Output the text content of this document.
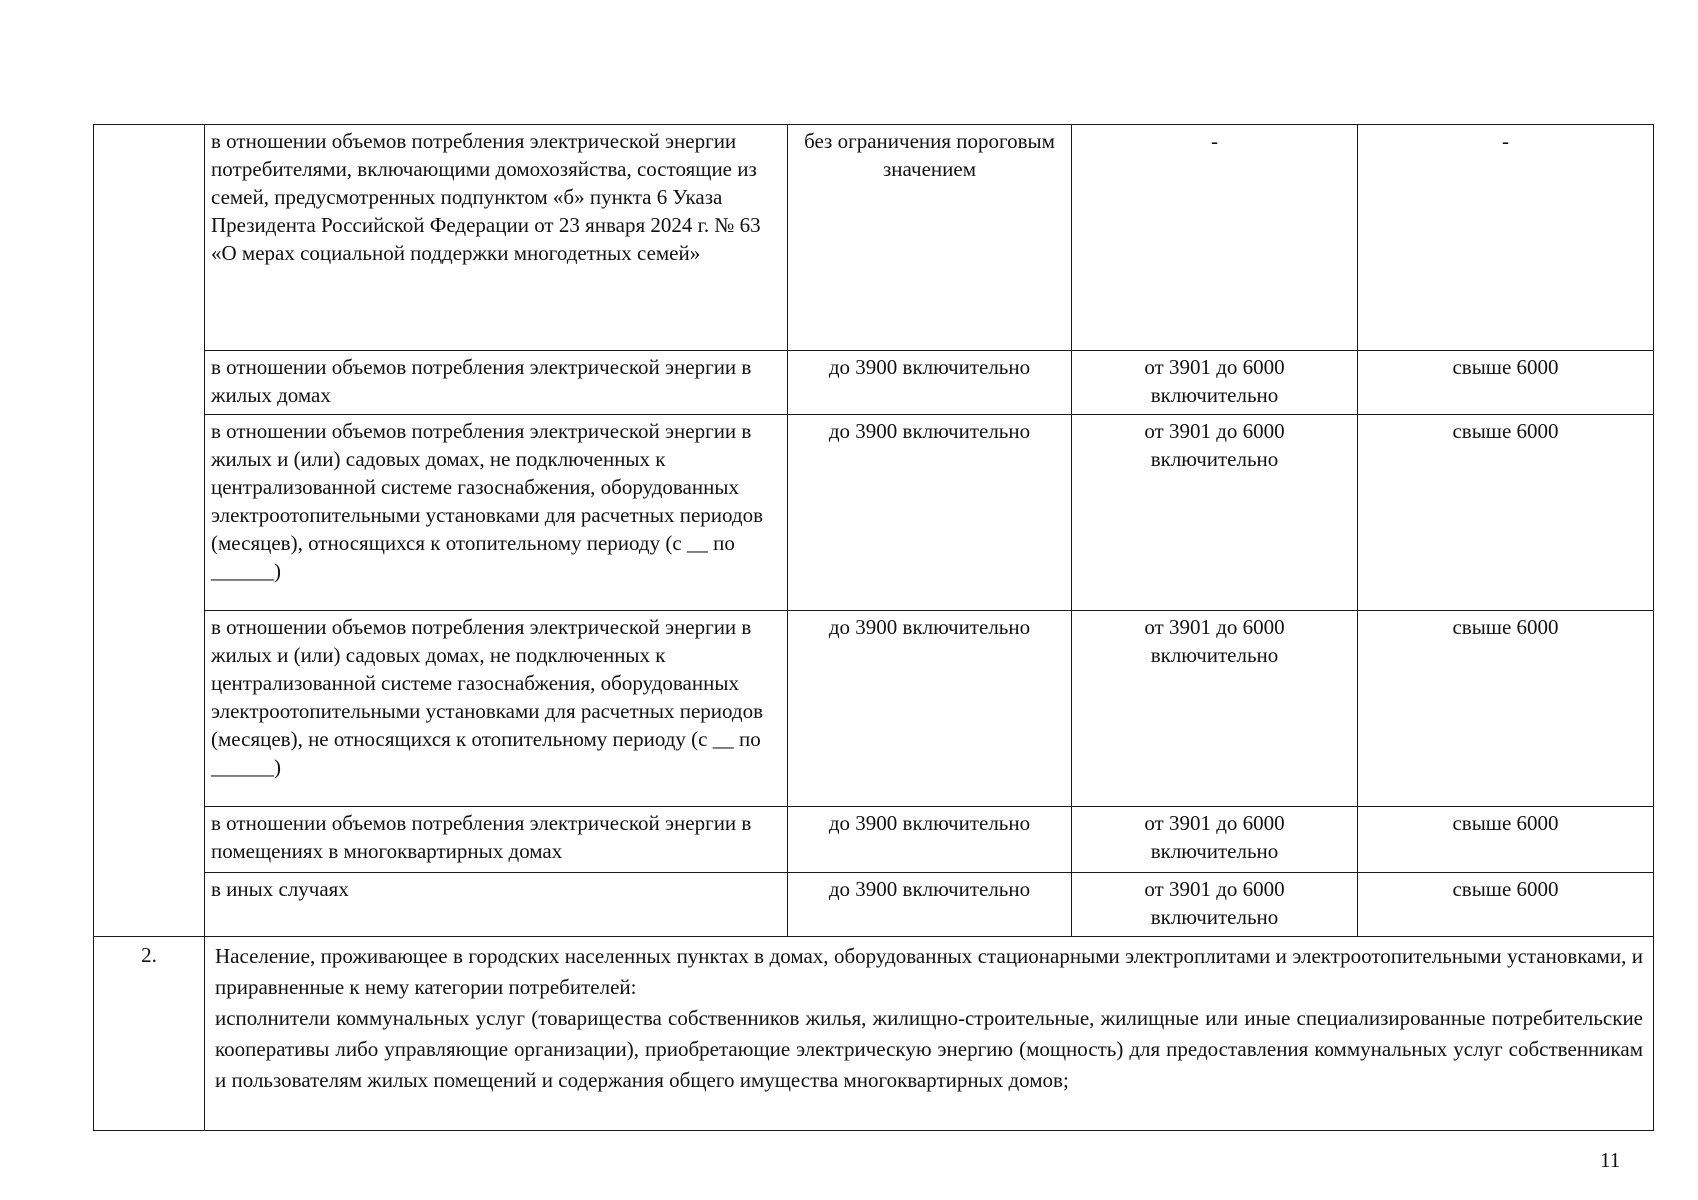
	в отношении объемов потребления электрической энергии потребителями, включающими домохозяйства, состоящие из семей, предусмотренных подпунктом «б» пункта 6 Указа Президента Российской Федерации от 23 января 2024 г. № 63 «О мерах социальной поддержки многодетных семей»	без ограничения пороговым значением	-	-

	в отношении объемов потребления электрической энергии в жилых домах	до 3900 включительно	от 3901 до 6000 включительно	свыше 6000

	в отношении объемов потребления электрической энергии в жилых и (или) садовых домах, не подключенных к централизованной системе газоснабжения, оборудованных электроотопительными установками для расчетных периодов (месяцев), относящихся к отопительному периоду (с __ по ______)	до 3900 включительно	от 3901 до 6000 включительно	свыше 6000

	в отношении объемов потребления электрической энергии в жилых и (или) садовых домах, не подключенных к централизованной системе газоснабжения, оборудованных электроотопительными установками для расчетных периодов (месяцев), не относящихся к отопительному периоду (с __ по ______)	до 3900 включительно	от 3901 до 6000 включительно	свыше 6000

	в отношении объемов потребления электрической энергии в помещениях в многоквартирных домах	до 3900 включительно	от 3901 до 6000 включительно	свыше 6000

	в иных случаях	до 3900 включительно	от 3901 до 6000 включительно	свыше 6000

2.	Население, проживающее в городских населенных пунктах в домах, оборудованных стационарными электроплитами и электроотопительными установками, и приравненные к нему категории потребителей:
исполнители коммунальных услуг (товарищества собственников жилья, жилищно-строительные, жилищные или иные специализированные потребительские кооперативы либо управляющие организации), приобретающие электрическую энергию (мощность) для предоставления коммунальных услуг собственникам и пользователям жилых помещений и содержания общего имущества многоквартирных домов;			
11
